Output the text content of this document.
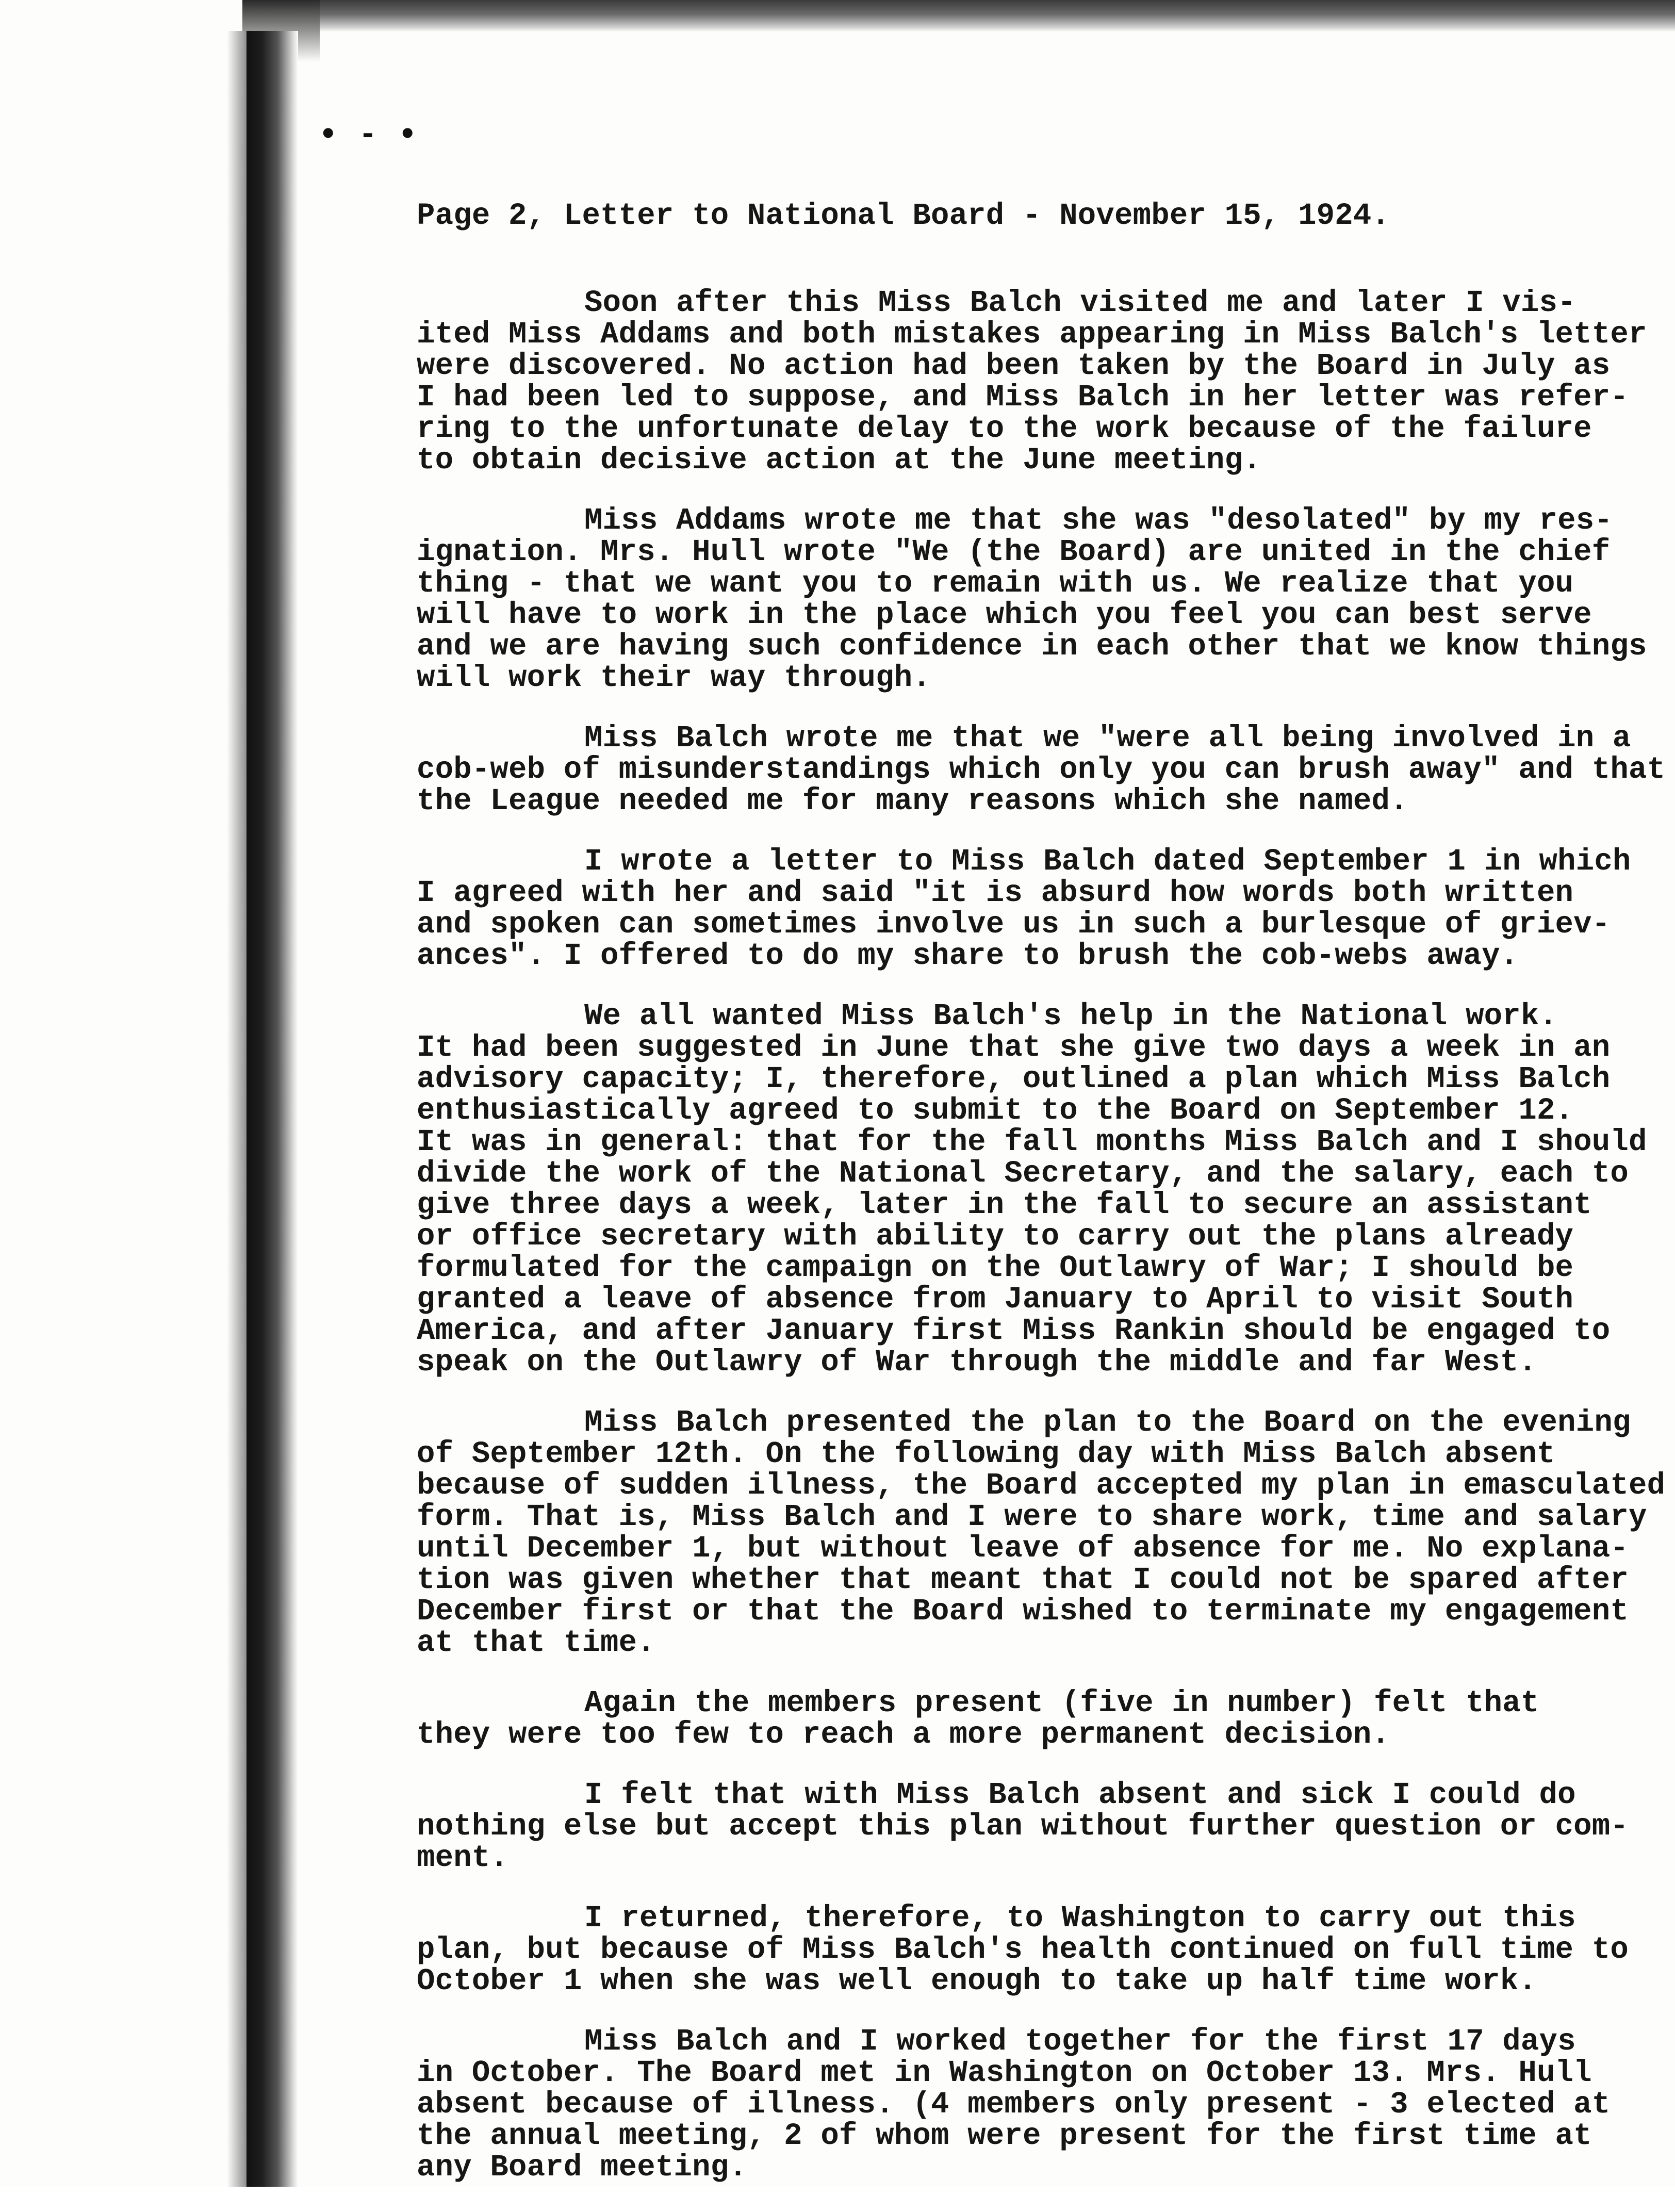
• - •
Page 2, Letter to National Board - November 15, 1924.
Soon after this Miss Balch visited me and later I vis-
ited Miss Addams and both mistakes appearing in Miss Balch's letter
were discovered. No action had been taken by the Board in July as
I had been led to suppose, and Miss Balch in her letter was refer-
ring to the unfortunate delay to the work because of the failure
to obtain decisive action at the June meeting.
Miss Addams wrote me that she was "desolated" by my res-
ignation. Mrs. Hull wrote "We (the Board) are united in the chief
thing - that we want you to remain with us. We realize that you
will have to work in the place which you feel you can best serve
and we are having such confidence in each other that we know things
will work their way through.
Miss Balch wrote me that we "were all being involved in a
cob-web of misunderstandings which only you can brush away" and that
the League needed me for many reasons which she named.
I wrote a letter to Miss Balch dated September 1 in which
I agreed with her and said "it is absurd how words both written
and spoken can sometimes involve us in such a burlesque of griev-
ances". I offered to do my share to brush the cob-webs away.
We all wanted Miss Balch's help in the National work.
It had been suggested in June that she give two days a week in an
advisory capacity; I, therefore, outlined a plan which Miss Balch
enthusiastically agreed to submit to the Board on September 12.
It was in general: that for the fall months Miss Balch and I should
divide the work of the National Secretary, and the salary, each to
give three days a week, later in the fall to secure an assistant
or office secretary with ability to carry out the plans already
formulated for the campaign on the Outlawry of War; I should be
granted a leave of absence from January to April to visit South
America, and after January first Miss Rankin should be engaged to
speak on the Outlawry of War through the middle and far West.
Miss Balch presented the plan to the Board on the evening
of September 12th. On the following day with Miss Balch absent
because of sudden illness, the Board accepted my plan in emasculated
form. That is, Miss Balch and I were to share work, time and salary
until December 1, but without leave of absence for me. No explana-
tion was given whether that meant that I could not be spared after
December first or that the Board wished to terminate my engagement
at that time.
Again the members present (five in number) felt that
they were too few to reach a more permanent decision.
I felt that with Miss Balch absent and sick I could do
nothing else but accept this plan without further question or com-
ment.
I returned, therefore, to Washington to carry out this
plan, but because of Miss Balch's health continued on full time to
October 1 when she was well enough to take up half time work.
Miss Balch and I worked together for the first 17 days
in October. The Board met in Washington on October 13. Mrs. Hull
absent because of illness. (4 members only present - 3 elected at
the annual meeting, 2 of whom were present for the first time at
any Board meeting.
